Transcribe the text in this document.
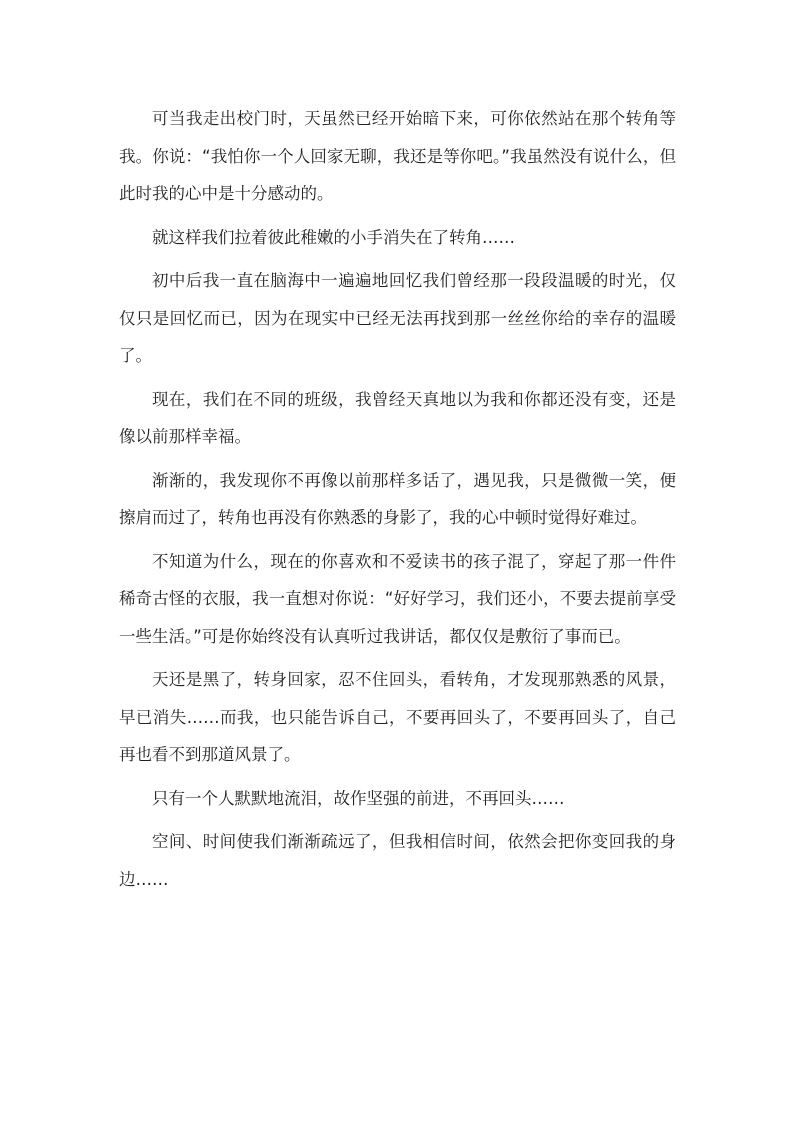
可当我走出校门时，天虽然已经开始暗下来，可你依然站在那个转角等我。你说：“我怕你一个人回家无聊，我还是等你吧。”我虽然没有说什么，但此时我的心中是十分感动的。

就这样我们拉着彼此稚嫩的小手消失在了转角……

初中后我一直在脑海中一遍遍地回忆我们曾经那一段段温暖的时光，仅仅只是回忆而已，因为在现实中已经无法再找到那一丝丝你给的幸存的温暖了。

现在，我们在不同的班级，我曾经天真地以为我和你都还没有变，还是像以前那样幸福。

渐渐的，我发现你不再像以前那样多话了，遇见我，只是微微一笑，便擦肩而过了，转角也再没有你熟悉的身影了，我的心中顿时觉得好难过。

不知道为什么，现在的你喜欢和不爱读书的孩子混了，穿起了那一件件稀奇古怪的衣服，我一直想对你说：“好好学习，我们还小，不要去提前享受一些生活。”可是你始终没有认真听过我讲话，都仅仅是敷衍了事而已。

天还是黑了，转身回家，忍不住回头，看转角，才发现那熟悉的风景，早已消失……而我，也只能告诉自己，不要再回头了，不要再回头了，自己再也看不到那道风景了。

只有一个人默默地流泪，故作坚强的前进，不再回头……

空间、时间使我们渐渐疏远了，但我相信时间，依然会把你变回我的身边……
